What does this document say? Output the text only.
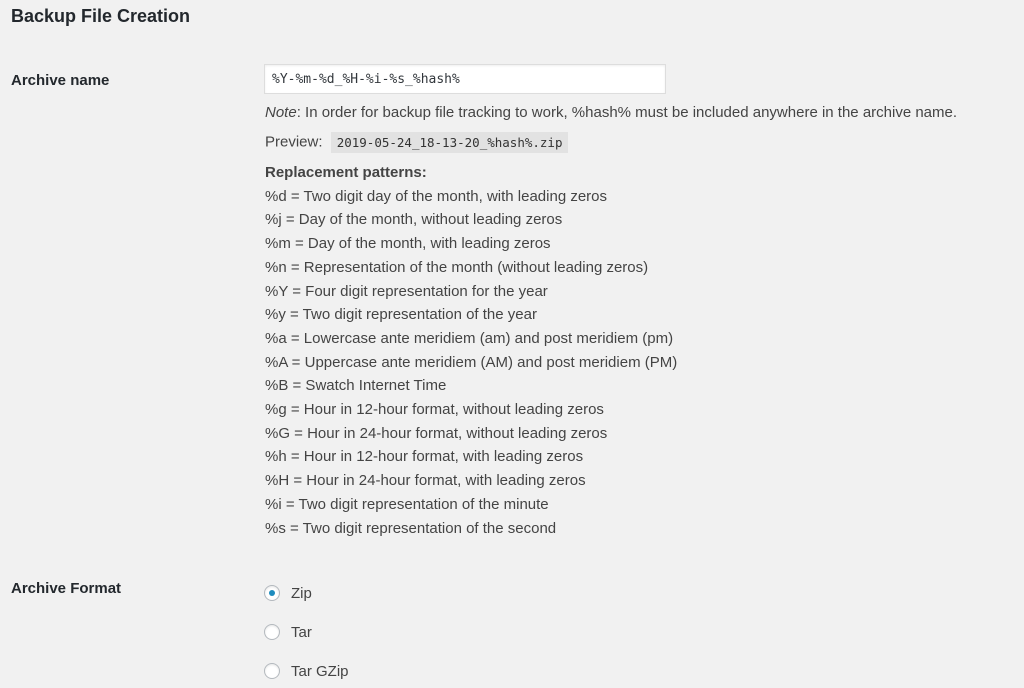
Backup File Creation
Archive name
%Y-%m-%d_%H-%i-%s_%hash%
Note: In order for backup file tracking to work, %hash% must be included anywhere in the archive name.
Preview: 2019-05-24_18-13-20_%hash%.zip
Replacement patterns:
%d = Two digit day of the month, with leading zeros
%j = Day of the month, without leading zeros
%m = Day of the month, with leading zeros
%n = Representation of the month (without leading zeros)
%Y = Four digit representation for the year
%y = Two digit representation of the year
%a = Lowercase ante meridiem (am) and post meridiem (pm)
%A = Uppercase ante meridiem (AM) and post meridiem (PM)
%B = Swatch Internet Time
%g = Hour in 12-hour format, without leading zeros
%G = Hour in 24-hour format, without leading zeros
%h = Hour in 12-hour format, with leading zeros
%H = Hour in 24-hour format, with leading zeros
%i = Two digit representation of the minute
%s = Two digit representation of the second
Archive Format	Zip
Tar
Tar GZip
